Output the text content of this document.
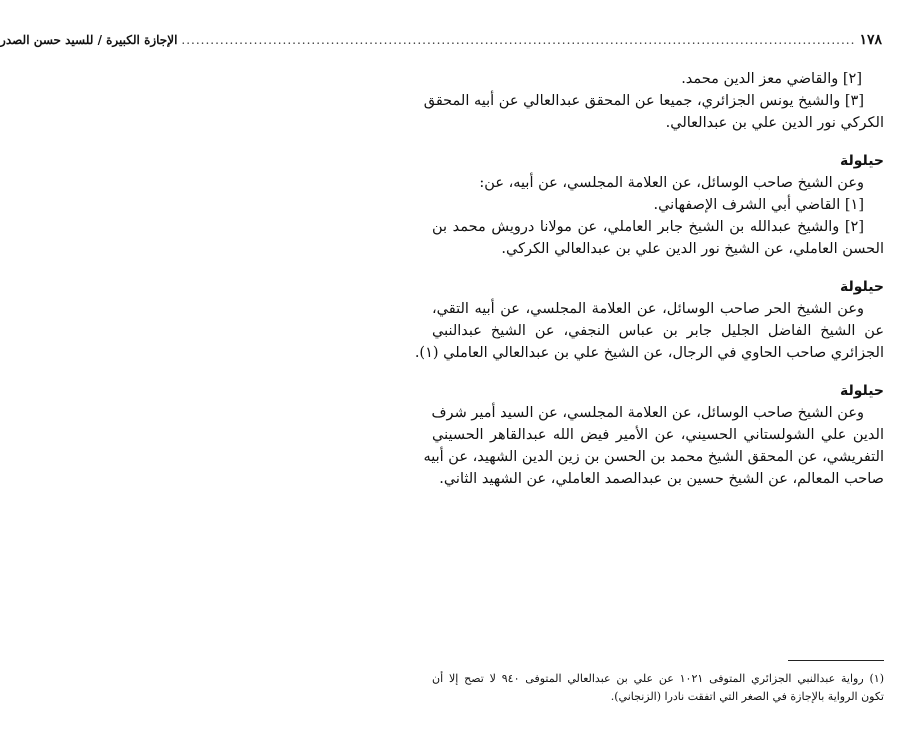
١٧٨
.....
الإجازة الكبيرة / للسيد حسن الصدر

[٢] والقاضي معز الدين محمد.

[٣] والشيخ يونس الجزائري، جميعا عن المحقق عبدالعالي عن أبيه المحقق

الكركي نور الدين علي بن عبدالعالي.

حيلولة

وعن الشيخ صاحب الوسائل، عن العلامة المجلسي، عن أبيه، عن:

[١] القاضي أبي الشرف الإصفهاني.

[٢] والشيخ عبدالله بن الشيخ جابر العاملي، عن مولانا درويش محمد بن

الحسن العاملي، عن الشيخ نور الدين علي بن عبدالعالي الكركي.

حيلولة

وعن الشيخ الحر صاحب الوسائل، عن العلامة المجلسي، عن أبيه التقي،

عن الشيخ الفاضل الجليل جابر بن عباس النجفي، عن الشيخ عبدالنبي

الجزائري صاحب الحاوي في الرجال، عن الشيخ علي بن عبدالعالي العاملي (١).

حيلولة

وعن الشيخ صاحب الوسائل، عن العلامة المجلسي، عن السيد أمير شرف

الدين علي الشولستاني الحسيني، عن الأمير فيض الله عبدالقاهر الحسيني

التفريشي، عن المحقق الشيخ محمد بن الحسن بن زين الدين الشهيد، عن أبيه

صاحب المعالم، عن الشيخ حسين بن عبدالصمد العاملي، عن الشهيد الثاني.

(١) رواية عبدالنبي الجزائري المتوفى ١٠٢١ عن علي بن عبدالعالي المتوفى ٩٤٠ لا تصح إلا أن

تكون الرواية بالإجازة في الصغر التي اتفقت نادرا (الزنجاني).
